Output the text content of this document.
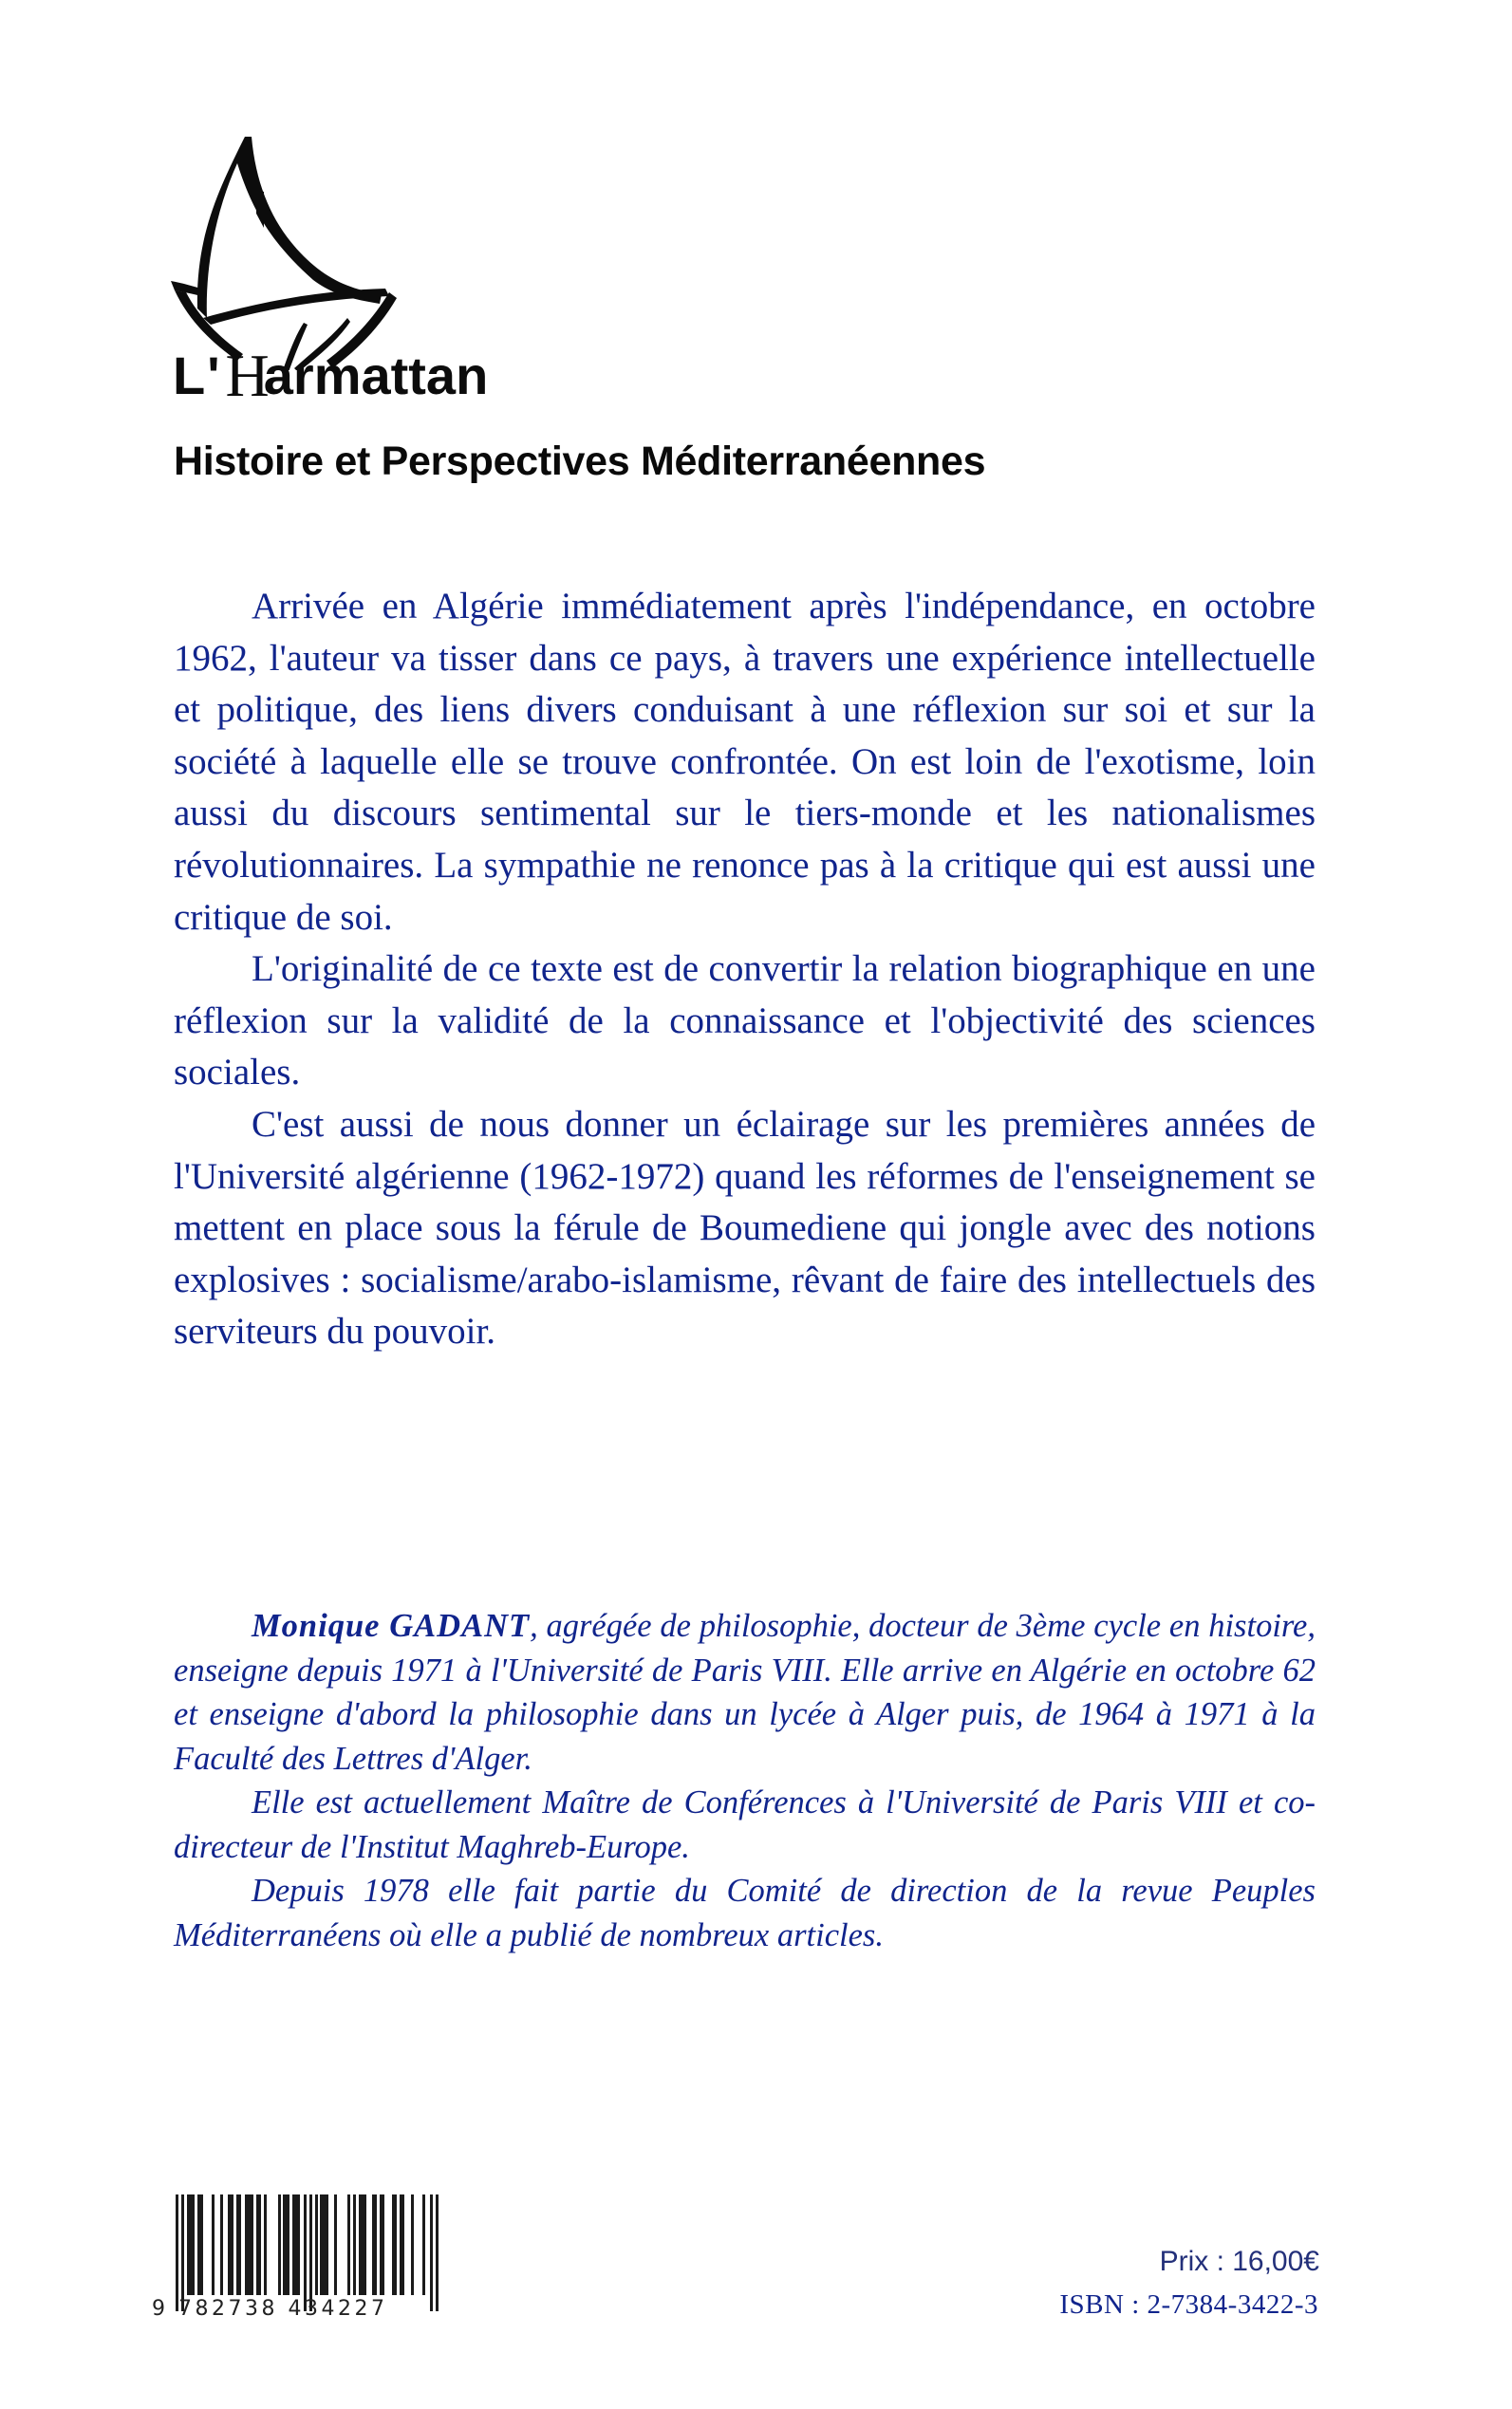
L'Harmattan
Histoire et Perspectives Méditerranéennes

Arrivée en Algérie immédiatement après l'indépendance, en octobre 1962, l'auteur va tisser dans ce pays, à travers une expérience intellectuelle et politique, des liens divers conduisant à une réflexion sur soi et sur la société à laquelle elle se trouve confrontée. On est loin de l'exotisme, loin aussi du discours sentimental sur le tiers-monde et les nationalismes révolutionnaires. La sympathie ne renonce pas à la critique qui est aussi une critique de soi.

L'originalité de ce texte est de convertir la relation biographique en une réflexion sur la validité de la connaissance et l'objectivité des sciences sociales.

C'est aussi de nous donner un éclairage sur les premières années de l'Université algérienne (1962-1972) quand les réformes de l'enseignement se mettent en place sous la férule de Boumediene qui jongle avec des notions explosives : socialisme/arabo-islamisme, rêvant de faire des intellectuels des serviteurs du pouvoir.

Monique GADANT, agrégée de philosophie, docteur de 3ème cycle en histoire, enseigne depuis 1971 à l'Université de Paris VIII. Elle arrive en Algérie en octobre 62 et enseigne d'abord la philosophie dans un lycée à Alger puis, de 1964 à 1971 à la Faculté des Lettres d'Alger.

Elle est actuellement Maître de Conférences à l'Université de Paris VIII et co-directeur de l'Institut Maghreb-Europe.

Depuis 1978 elle fait partie du Comité de direction de la revue Peuples Méditerranéens où elle a publié de nombreux articles.

9 782738 434227
Prix : 16,00€
ISBN : 2-7384-3422-3
